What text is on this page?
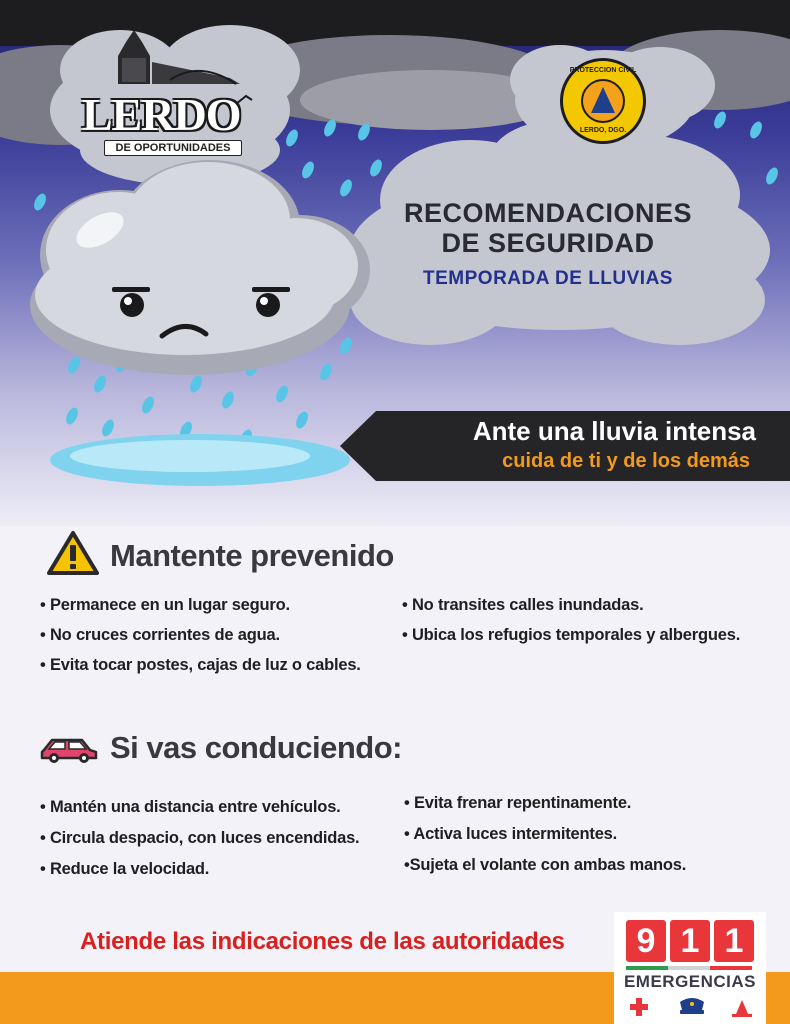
LERDO
DE OPORTUNIDADES
PROTECCION CIVIL
LERDO, DGO.
RECOMENDACIONES
DE SEGURIDAD
TEMPORADA DE LLUVIAS
Ante una lluvia intensa
cuida de ti y de los demás
Mantente prevenido
• Permanece en un lugar seguro.
• No cruces corrientes de agua.
• Evita tocar postes, cajas de luz o cables.
• No transites calles inundadas.
• Ubica los refugios temporales y albergues.
Si vas conduciendo:
• Mantén una distancia entre vehículos.
• Circula despacio, con luces encendidas.
• Reduce la velocidad.
• Evita frenar repentinamente.
• Activa luces intermitentes.
•Sujeta el volante con ambas manos.
Atiende las indicaciones de las autoridades	9 1 1
EMERGENCIAS
